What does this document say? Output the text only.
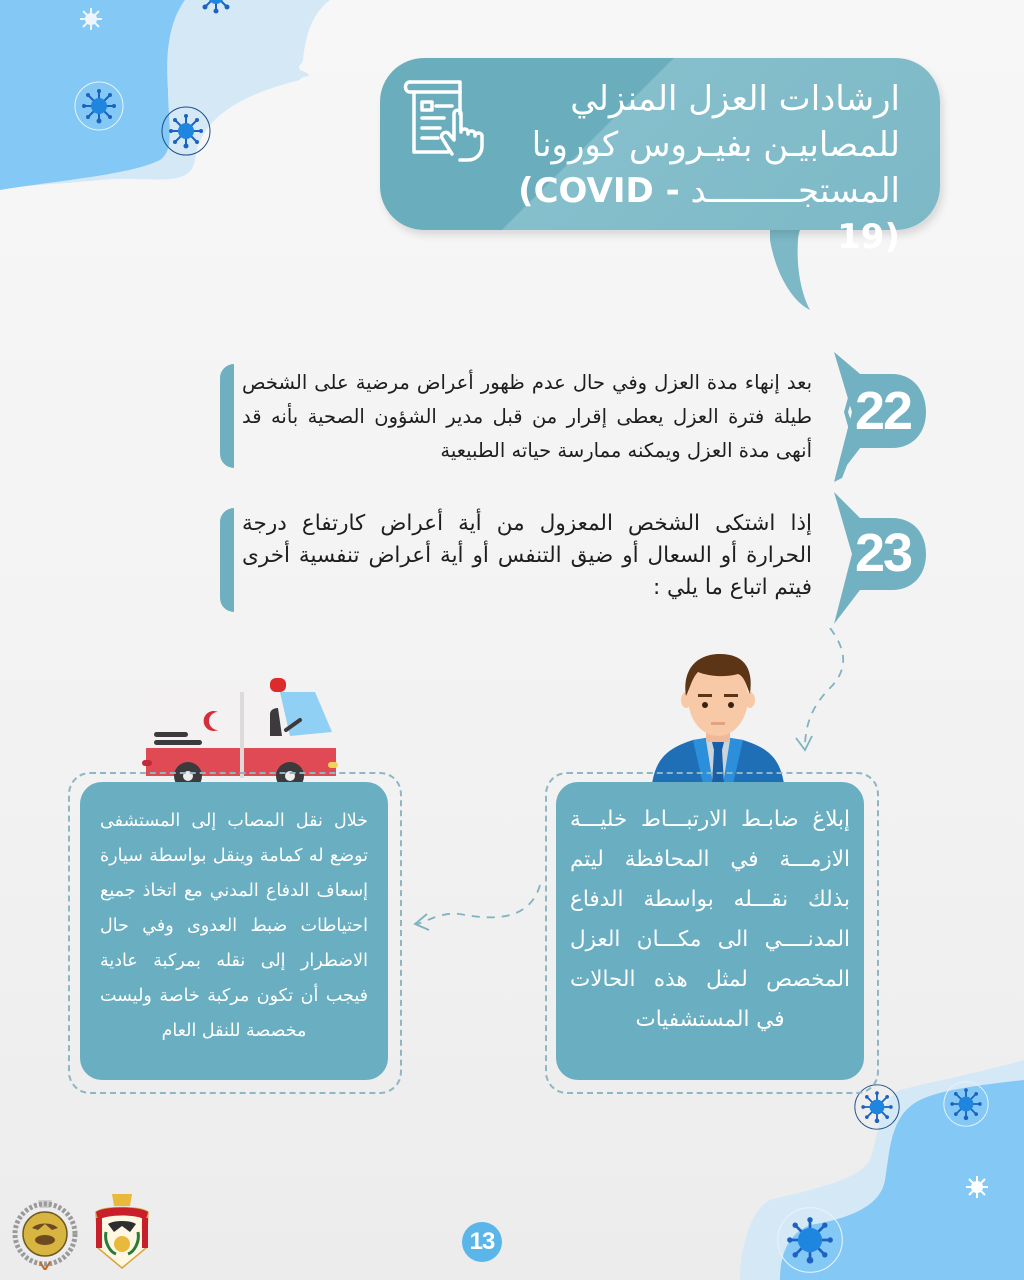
ارشادات العزل المنزلي
للمصابيـن بفيـروس كورونا
المستجـــــــــد (COVID - 19)
22
بعد إنهاء مدة العزل وفي حال عدم ظهور أعراض مرضية على الشخص طيلة فترة العزل يعطى إقرار من قبل مدير الشؤون الصحية بأنه قد أنهى مدة العزل ويمكنه ممارسة حياته الطبيعية
23
إذا اشتكى الشخص المعزول من أية أعراض كارتفاع درجة الحرارة أو السعال أو ضيق التنفس أو أية أعراض تنفسية أخرى فيتم اتباع ما يلي :
خلال نقل المصاب إلى المستشفى توضع له كمامة وينقل بواسطة سيارة إسعاف الدفاع المدني مع اتخاذ جميع احتياطات ضبط العدوى وفي حال الاضطرار إلى نقله بمركبة عادية فيجب أن تكون مركبة خاصة وليست مخصصة للنقل العام
إبلاغ ضابـط الارتبـــاط خليـــة الازمـــة في المحافظة ليتم بذلك نقـــله بواسطة الدفاع المدنــــي الى مكـــان العزل المخصص لمثل هذه الحالات في المستشفيات
13
